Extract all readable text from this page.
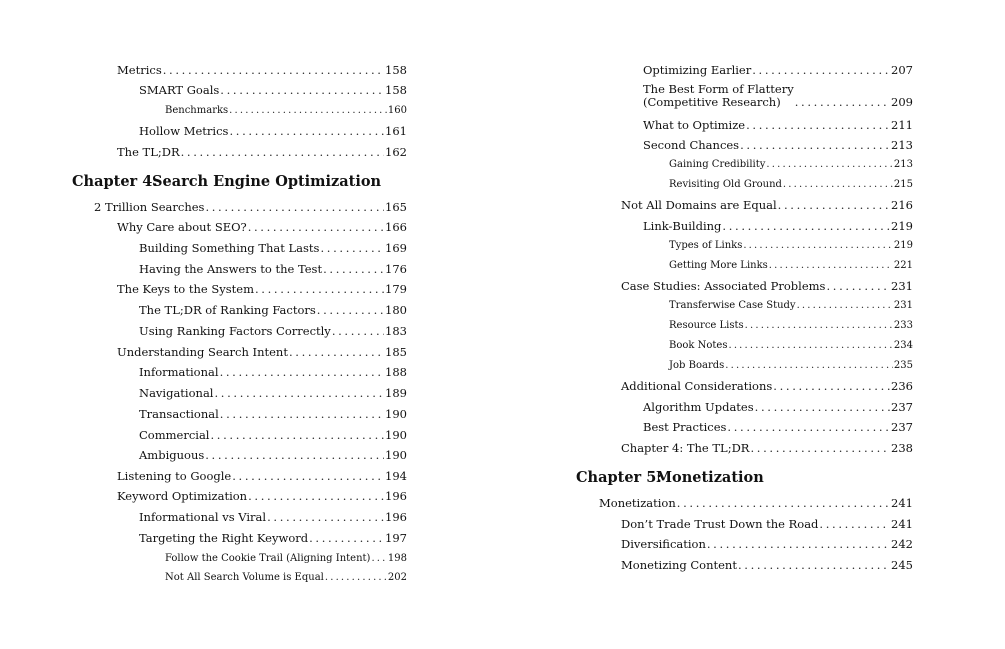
Metrics . . .	158
SMART Goals . . .	158
Benchmarks . . .	160
Hollow Metrics . . .	161
The TL;DR . . .	162
Chapter 4:Search Engine Optimization
2 Trillion Searches . . .	165
Why Care about SEO? . . .	166
Building Something That Lasts . . .	169
Having the Answers to the Test . . .	176
The Keys to the System . . .	179
The TL;DR of Ranking Factors . . .	180
Using Ranking Factors Correctly . . .	183
Understanding Search Intent . . .	185
Informational . . .	188
Navigational . . .	189
Transactional . . .	190
Commercial . . .	190
Ambiguous . . .	190
Listening to Google . . .	194
Keyword Optimization . . .	196
Informational vs Viral . . .	196
Targeting the Right Keyword . . .	197
Follow the Cookie Trail (Aligning Intent) . . . 198
Not All Search Volume is Equal . . .	202
Optimizing Earlier . . .	207
The Best Form of Flattery
(Competitive Research) . . .	209
What to Optimize . . .	211
Second Chances . . .	213
Gaining Credibility . . .	213
Revisiting Old Ground . . .	215
Not All Domains are Equal . . .	216
Link-Building . . .	219
Types of Links . . .	219
Getting More Links . . .	221
Case Studies: Associated Problems . . .	231
Transferwise Case Study . . .	231
Resource Lists . . .	233
Book Notes . . .	234
Job Boards . . .	235
Additional Considerations . . .	236
Algorithm Updates . . .	237
Best Practices . . .	237
Chapter 4: The TL;DR . . .	238
Chapter 5:Monetization
Monetization . . .	241
Don’t Trade Trust Down the Road . . .	241
Diversification . . .	242
Monetizing Content . . .	245
